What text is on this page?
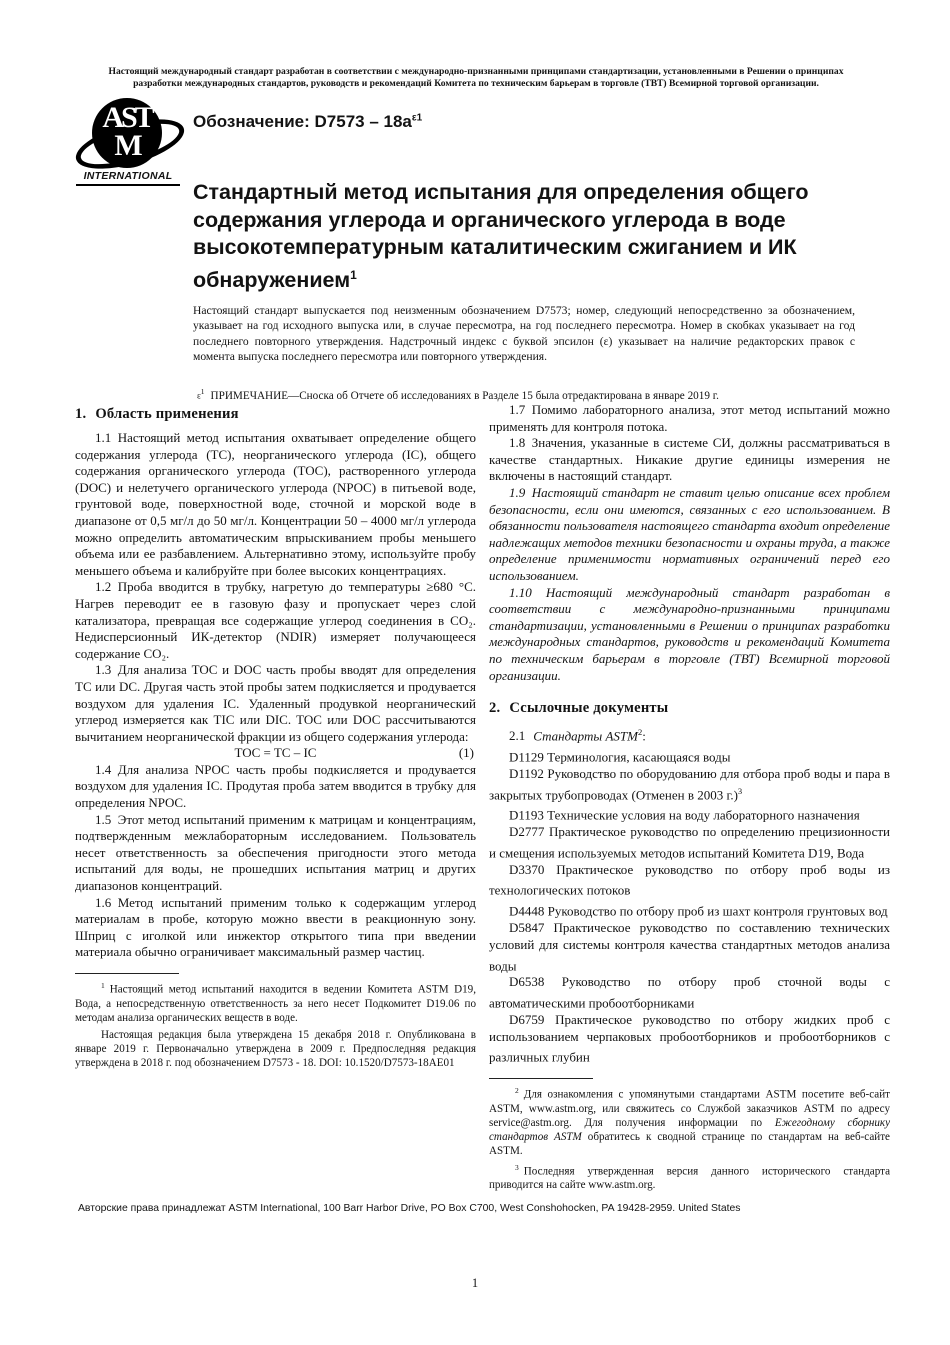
Настоящий международный стандарт разработан в соответствии с международно-признанными принципами стандартизации, установленными в Решении о принципах разработки международных стандартов, руководств и рекомендаций Комитета по техническим барьерам в торговле (ТВТ) Всемирной торговой организации.
ASTM
INTERNATIONAL
Обозначение: $D7573 - 18a^{\varepsilon 1}$
Стандартный метод испытания для определения общего содержания углерода и органического углерода в воде высокотемпературным каталитическим сжиганием и ИК обнаружением$^1$
Настоящий стандарт выпускается под неизменным обозначением D7573; номер, следующий непосредственно за обозначением, указывает на год исходного выпуска или, в случае пересмотра, на год последнего пересмотра. Номер в скобках указывает на год последнего повторного утверждения. Надстрочный индекс с буквой эпсилон (ε) указывает на наличие редакторских правок с момента выпуска последнего пересмотра или повторного утверждения.

$\varepsilon^1$ ПРИМЕЧАНИЕ—Сноска об Отчете об исследованиях в Разделе 15 была отредактирована в январе 2019 г.

1. Область применения

1.1 Настоящий метод испытания охватывает определение общего содержания углерода (TC), неорганического углерода (IC), общего содержания органического углерода (TOC), растворенного углерода (DOC) и нелетучего органического углерода (NPOC) в питьевой воде, грунтовой воде, поверхностной воде, сточной и морской воде в диапазоне от 0,5 мг/л до 50 мг/л. Концентрации 50 – 4000 мг/л углерода можно определить автоматическим впрыскиванием пробы меньшего объема или ее разбавлением. Альтернативно этому, используйте пробу меньшего объема и калибруйте при более высоких концентрациях.

1.2 Проба вводится в трубку, нагретую до температуры ≥680 °C. Нагрев переводит ее в газовую фазу и пропускает через слой катализатора, превращая все содержащие углерод соединения в CO₂. Недисперсионный ИК-детектор (NDIR) измеряет получающееся содержание CO₂.

1.3 Для анализа TOC и DOC часть пробы вводят для определения TC или DC. Другая часть этой пробы затем подкисляется и продувается воздухом для удаления IC. Удаленный продувкой неорганический углерод измеряется как TIC или DIC. TOC или DOC рассчитываются вычитанием неорганической фракции из общего содержания углерода:

TOC = TC – IC	(1)

1.4 Для анализа NPOC часть пробы подкисляется и продувается воздухом для удаления IC. Продутая проба затем вводится в трубку для определения NPOC.

1.5 Этот метод испытаний применим к матрицам и концентрациям, подтвержденным межлабораторным исследованием. Пользователь несет ответственность за обеспечения пригодности этого метода испытаний для воды, не прошедших испытания матриц и других диапазонов концентраций.

1.6 Метод испытаний применим только к содержащим углерод материалам в пробе, которую можно ввести в реакционную зону. Шприц с иголкой или инжектор открытого типа при введении материала обычно ограничивает максимальный размер частиц.

$^1$ Настоящий метод испытаний находится в ведении Комитета ASTM D19, Вода, а непосредственную ответственность за него несет Подкомитет D19.06 по методам анализа органических веществ в воде.

Настоящая редакция была утверждена 15 декабря 2018 г. Опубликована в январе 2019 г. Первоначально утверждена в 2009 г. Предпоследняя редакция утверждена в 2018 г. под обозначением D7573 - 18. DOI: 10.1520/D7573-18AE01

1.7 Помимо лабораторного анализа, этот метод испытаний можно применять для контроля потока.

1.8 Значения, указанные в системе СИ, должны рассматриваться в качестве стандартных. Никакие другие единицы измерения не включены в настоящий стандарт.

1.9 Настоящий стандарт не ставит целью описание всех проблем безопасности, если они имеются, связанных с его использованием. В обязанности пользователя настоящего стандарта входит определение надлежащих методов техники безопасности и охраны труда, а также определение применимости нормативных ограничений перед его использованием.

1.10 Настоящий международный стандарт разработан в соответствии с международно-признанными принципами стандартизации, установленными в Решении о принципах разработки международных стандартов, руководств и рекомендаций Комитета по техническим барьерам в торговле (ТВТ) Всемирной торговой организации.

2. Ссылочные документы

2.1 Стандарты ASTM$^2$:

D1129 Терминология, касающаяся воды

D1192 Руководство по оборудованию для отбора проб воды и пара в закрытых трубопроводах (Отменен в 2003 г.)$^3$

D1193 Технические условия на воду лабораторного назначения

D2777 Практическое руководство по определению прецизионности и смещения используемых методов испытаний Комитета D19, Вода

D3370 Практическое руководство по отбору проб воды из технологических потоков

D4448 Руководство по отбору проб из шахт контроля грунтовых вод

D5847 Практическое руководство по составлению технических условий для системы контроля качества стандартных методов анализа воды

D6538 Руководство по отбору проб сточной воды с автоматическими пробоотборниками

D6759 Практическое руководство по отбору жидких проб с использованием черпаковых пробоотборников и пробоотборников с различных глубин

$^2$ Для ознакомления с упомянутыми стандартами ASTM посетите веб-сайт ASTM, www.astm.org, или свяжитесь со Службой заказчиков ASTM по адресу service@astm.org. Для получения информации по Ежегодному сборнику стандартов ASTM обратитесь к сводной странице по стандартам на веб-сайте ASTM.

$^3$ Последняя утвержденная версия данного исторического стандарта приводится на сайте www.astm.org.

Авторские права принадлежат ASTM International, 100 Barr Harbor Drive, PO Box C700, West Conshohocken, PA 19428-2959. United States
1
